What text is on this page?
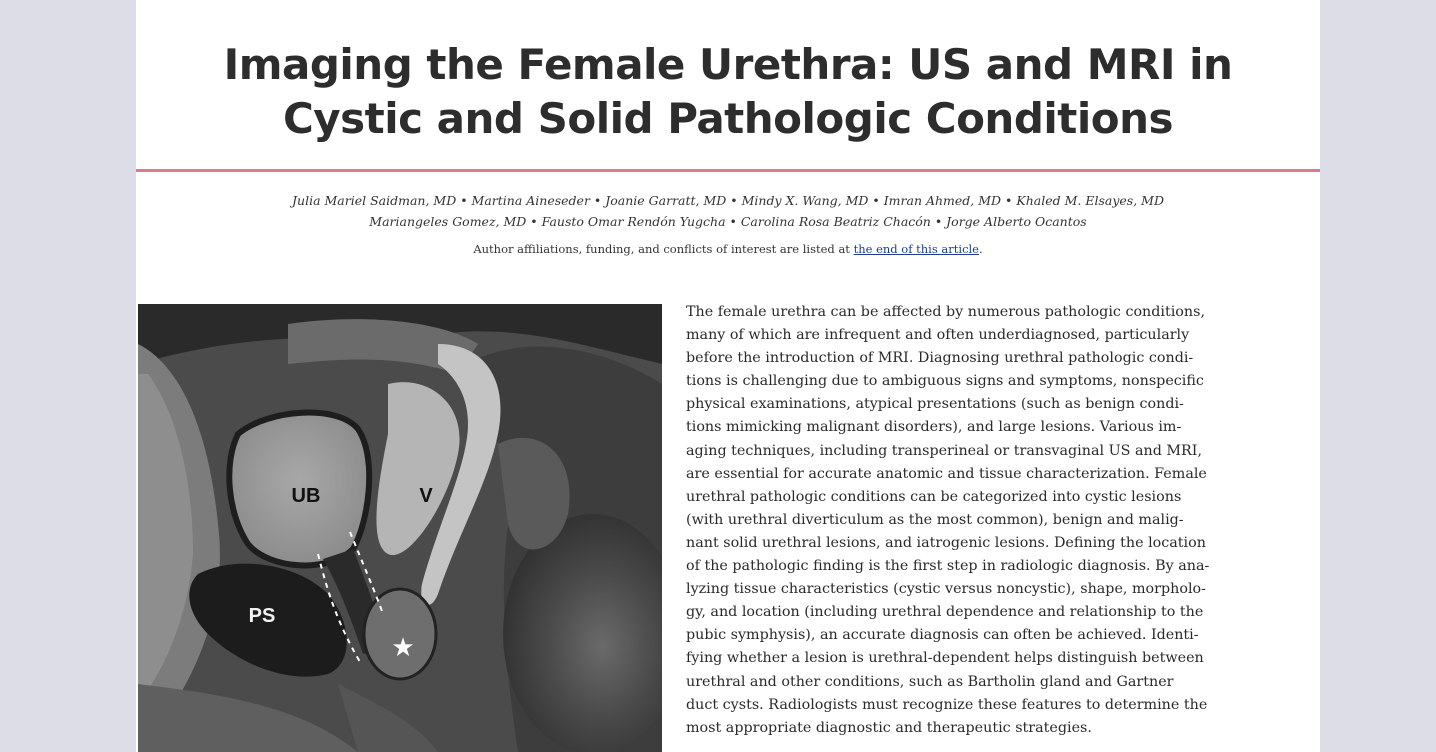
Imaging the Female Urethra: US and MRI in
Cystic and Solid Pathologic Conditions
Julia Mariel Saidman, MD • Martina Aineseder • Joanie Garratt, MD • Mindy X. Wang, MD • Imran Ahmed, MD • Khaled M. Elsayes, MD
Mariangeles Gomez, MD • Fausto Omar Rendón Yugcha • Carolina Rosa Beatriz Chacón • Jorge Alberto Ocantos
Author affiliations, funding, and conflicts of interest are listed at the end of this article.
UB	V
PS
★
The female urethra can be affected by numerous pathologic conditions,
many of which are infrequent and often underdiagnosed, particularly
before the introduction of MRI. Diagnosing urethral pathologic condi-
tions is challenging due to ambiguous signs and symptoms, nonspecific
physical examinations, atypical presentations (such as benign condi-
tions mimicking malignant disorders), and large lesions. Various im-
aging techniques, including transperineal or transvaginal US and MRI,
are essential for accurate anatomic and tissue characterization. Female
urethral pathologic conditions can be categorized into cystic lesions
(with urethral diverticulum as the most common), benign and malig-
nant solid urethral lesions, and iatrogenic lesions. Defining the location
of the pathologic finding is the first step in radiologic diagnosis. By ana-
lyzing tissue characteristics (cystic versus noncystic), shape, morpholo-
gy, and location (including urethral dependence and relationship to the
pubic symphysis), an accurate diagnosis can often be achieved. Identi-
fying whether a lesion is urethral-dependent helps distinguish between
urethral and other conditions, such as Bartholin gland and Gartner
duct cysts. Radiologists must recognize these features to determine the
most appropriate diagnostic and therapeutic strategies.
